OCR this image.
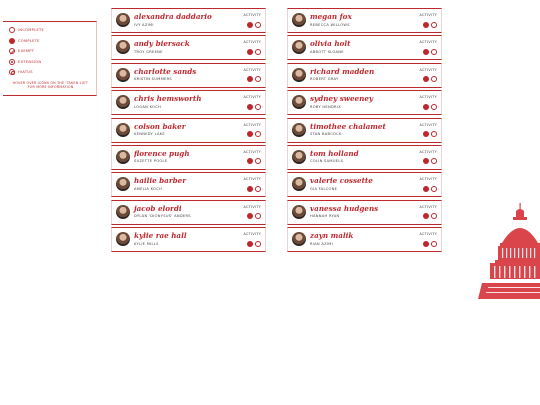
INCOMPLETE
COMPLETE
EXEMPT
EXTENSION
HIATUS
HOVER OVER ICONS ON THE 'TAKEN LIST' FOR MORE INFORMATION
alexandra daddario
IVY AZIMI
ACTIVITY
andy biersack
TROY GREENE
ACTIVITY
charlotte sands
KRISTIN SUMMERS
ACTIVITY
chris hemsworth
LOGAN KOCH
ACTIVITY
colson baker
KENNEDY LAKE
ACTIVITY
florence pugh
SUZETTE POOLE
ACTIVITY
hailie barber
AMELIA KOCH
ACTIVITY
jacob elordi
DYLAN 'DIONYSUS' ANDERS
ACTIVITY
kylie rae hall
KYLIE MILLS
ACTIVITY
megan fox
REBECCA WILLOWS
ACTIVITY
olivia holt
ABBOTT SLOANE
ACTIVITY
richard madden
ROBERT GRAY
ACTIVITY
sydney sweeney
ROBY HENDRIX
ACTIVITY
timothee chalamet
STAN BABCOCK
ACTIVITY
tom holland
COLIN SAMUELS
ACTIVITY
valerie cossette
GIA FALCONE
ACTIVITY
vanessa hudgens
HANNAH RYAN
ACTIVITY
zayn malik
RIAN AZIMI
ACTIVITY
